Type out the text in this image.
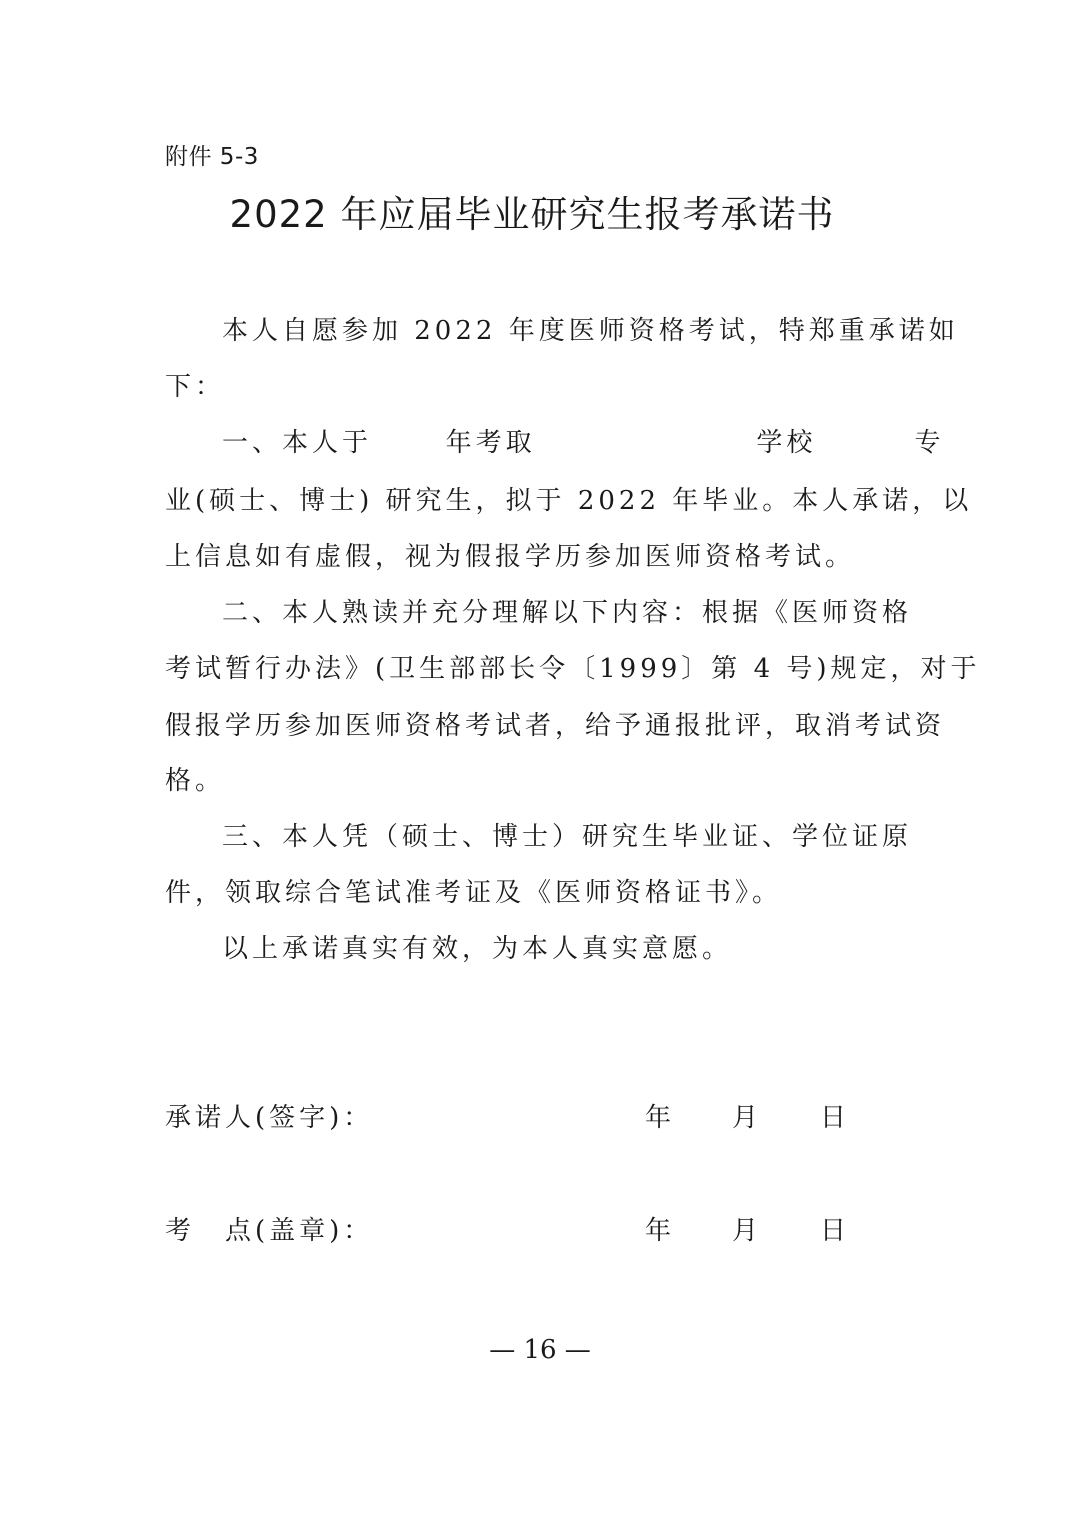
附件 5-3
2022 年应届毕业研究生报考承诺书
本人自愿参加 2022 年度医师资格考试，特郑重承诺如
下：
一、本人于      年考取                  学校        专
业(硕士、博士) 研究生，拟于 2022 年毕业。本人承诺，以
上信息如有虚假，视为假报学历参加医师资格考试。
二、本人熟读并充分理解以下内容：根据《医师资格
考试暂行办法》(卫生部部长令〔1999〕第 4 号)规定，对于
假报学历参加医师资格考试者，给予通报批评，取消考试资
格。
三、本人凭（硕士、博士）研究生毕业证、学位证原
件，领取综合笔试准考证及《医师资格证书》。
以上承诺真实有效，为本人真实意愿。
承诺人(签字)：	年 月 日
考　点(盖章)：	年 月 日
— 16 —
